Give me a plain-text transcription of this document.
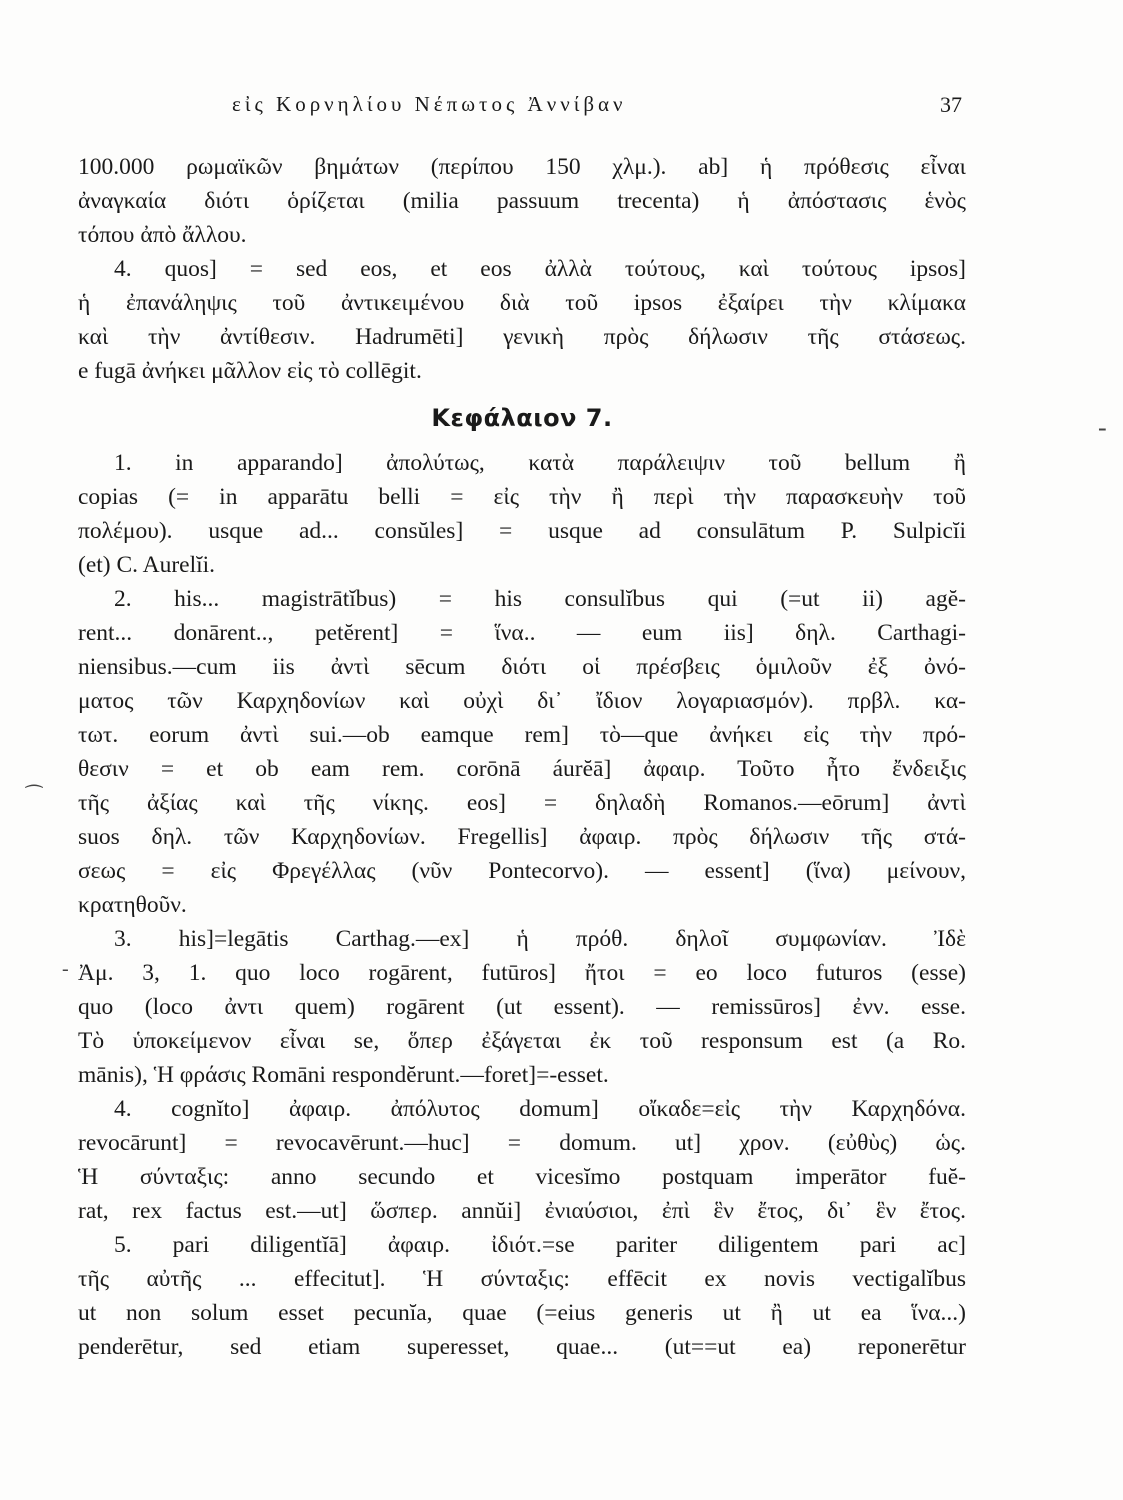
εἰς Κορνηλίου Νέπωτος Ἀννίβαν	37
100.000 ρωμαϊκῶν βημάτων (περίπου 150 χλμ.). ab] ἡ πρόθεσις εἶναι
ἀναγκαία διότι ὁρίζεται (milia passuum trecenta) ἡ ἀπόστασις ἑνὸς
τόπου ἀπὸ ἄλλου.
4. quos] = sed eos, et eos ἀλλὰ τούτους, καὶ τούτους ipsos]
ἡ ἐπανάληψις τοῦ ἀντικειμένου διὰ τοῦ ipsos ἐξαίρει τὴν κλίμακα
καὶ τὴν ἀντίθεσιν. Hadrumēti] γενικὴ πρὸς δήλωσιν τῆς στάσεως.
e fugā ἀνήκει μᾶλλον εἰς τὸ collēgit.
Κεφάλαιον 7.
1. in apparando] ἀπολύτως, κατὰ παράλειψιν τοῦ bellum ἢ
copias (= in apparātu belli = εἰς τὴν ἢ περὶ τὴν παρασκευὴν τοῦ
πολέμου). usque ad... consŭles] = usque ad consulātum P. Sulpicĭi
(et) C. Aurelĭi.
2. his... magistrātĭbus) = his consulĭbus qui (=ut ii) agĕ-
rent... donārent.., petĕrent] = ἵνα.. — eum iis] δηλ. Carthagi-
niensibus.—cum iis ἀντὶ sēcum διότι οἱ πρέσβεις ὁμιλοῦν ἐξ ὀνό-
ματος τῶν Καρχηδονίων καὶ οὐχὶ δι᾽ ἴδιον λογαριασμόν). πρβλ. κα-
τωτ. eorum ἀντὶ sui.—ob eamque rem] τὸ—que ἀνήκει εἰς τὴν πρό-
θεσιν = et ob eam rem. corōnā áurĕā] ἀφαιρ. Τοῦτο ἦτο ἔνδειξις
τῆς ἀξίας καὶ τῆς νίκης. eos] = δηλαδὴ Romanos.—eōrum] ἀντὶ
suos δηλ. τῶν Καρχηδονίων. Fregellis] ἀφαιρ. πρὸς δήλωσιν τῆς στά-
σεως = εἰς Φρεγέλλας (νῦν Pontecorvo). — essent] (ἵνα) μείνουν,
κρατηθοῦν.
3. his]=legātis Carthag.—ex] ἡ πρόθ. δηλοῖ συμφωνίαν. Ἰδὲ
Ἀμ. 3, 1. quo loco rogārent, futūros] ἤτοι = eo loco futuros (esse)
quo (loco ἀντι quem) rogārent (ut essent). — remissūros] ἐνν. esse.
Τὸ ὑποκείμενον εἶναι se, ὅπερ ἐξάγεται ἐκ τοῦ responsum est (a Ro.
mānis), Ἡ φράσις Romāni respondĕrunt.—foret]=-esset.
4. cognĭto] ἀφαιρ. ἀπόλυτος domum] οἴκαδε=εἰς τὴν Καρχηδόνα.
revocārunt] = revocavērunt.—huc] = domum. ut] χρον. (εὐθὺς) ὡς.
Ἡ σύνταξις: anno secundo et vicesĭmo postquam imperātor fuĕ-
rat, rex factus est.—ut] ὥσπερ. annŭi] ἐνιαύσιοι, ἐπὶ ἓν ἔτος, δι᾽ ἓν ἔτος.
5. pari diligentĭā] ἀφαιρ. ἰδιότ.=se pariter diligentem pari ac]
τῆς αὐτῆς ... effecitut]. Ἡ σύνταξις: effēcit ex novis vectigalĭbus
ut non solum esset pecunĭa, quae (=eius generis ut ἢ ut ea ἵνα...)
penderētur, sed etiam superesset, quae... (ut==ut ea) reponerētur
-
⁀
-
